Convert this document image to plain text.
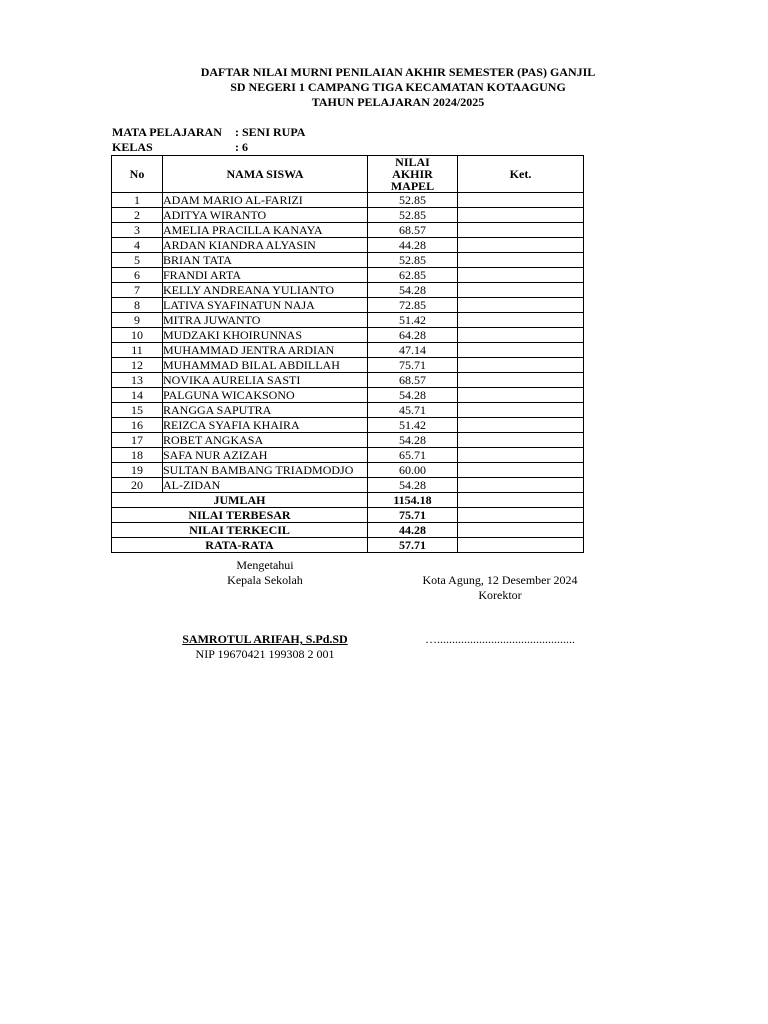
DAFTAR NILAI MURNI PENILAIAN AKHIR SEMESTER (PAS) GANJIL
SD NEGERI 1 CAMPANG TIGA KECAMATAN KOTAAGUNG
TAHUN PELAJARAN 2024/2025
MATA PELAJARAN	: SENI RUPA
KELAS	: 6
No	NAMA SISWA	NILAI AKHIR MAPEL	Ket.
1	ADAM MARIO AL-FARIZI	52.85	
2	ADITYA WIRANTO	52.85	
3	AMELIA PRACILLA KANAYA	68.57	
4	ARDAN KIANDRA ALYASIN	44.28	
5	BRIAN TATA	52.85	
6	FRANDI ARTA	62.85	
7	KELLY ANDREANA YULIANTO	54.28	
8	LATIVA SYAFINATUN NAJA	72.85	
9	MITRA JUWANTO	51.42	
10	MUDZAKI KHOIRUNNAS	64.28	
11	MUHAMMAD JENTRA ARDIAN	47.14	
12	MUHAMMAD BILAL ABDILLAH	75.71	
13	NOVIKA AURELIA SASTI	68.57	
14	PALGUNA WICAKSONO	54.28	
15	RANGGA SAPUTRA	45.71	
16	REIZCA SYAFIA KHAIRA	51.42	
17	ROBET ANGKASA	54.28	
18	SAFA NUR AZIZAH	65.71	
19	SULTAN BAMBANG TRIADMODJO	60.00	
20	AL-ZIDAN	54.28	
JUMLAH		1154.18	
NILAI TERBESAR		75.71	
NILAI TERKECIL		44.28	
RATA-RATA		57.71	
Mengetahui
Kepala Sekolah
SAMROTUL ARIFAH, S.Pd.SD
NIP 19670421 199308 2 001
Kota Agung, 12 Desember 2024
Korektor
…..............................................
